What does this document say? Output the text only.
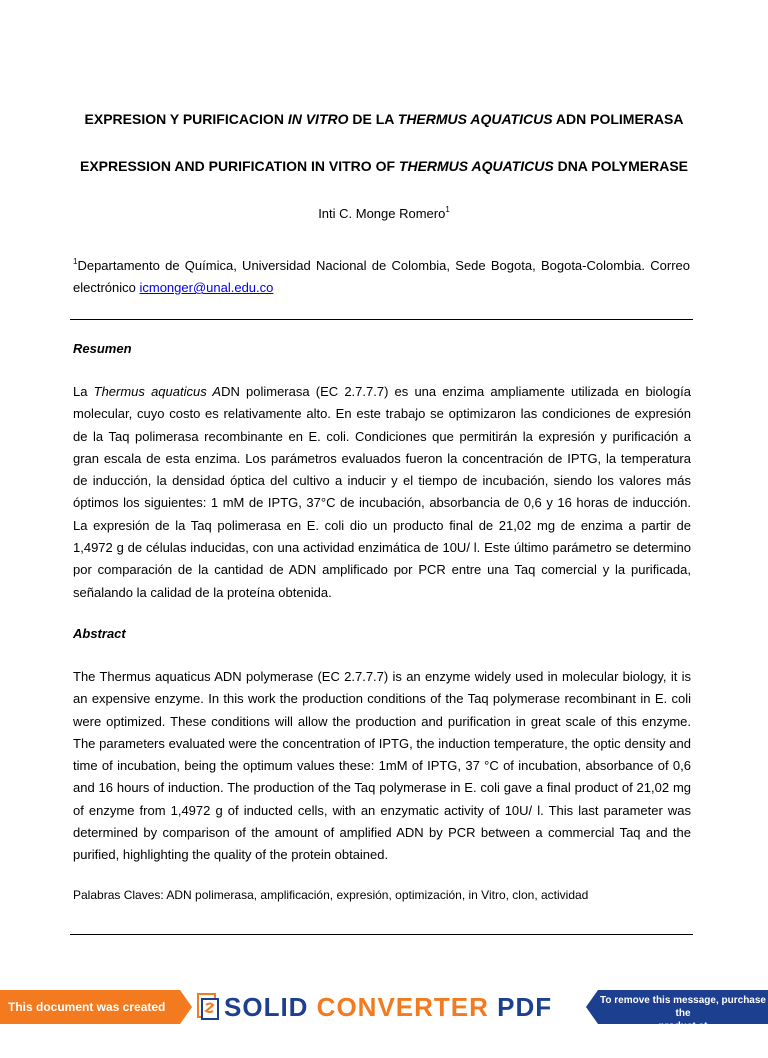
EXPRESION Y PURIFICACION IN VITRO DE LA THERMUS AQUATICUS ADN POLIMERASA
EXPRESSION AND PURIFICATION IN VITRO OF THERMUS AQUATICUS DNA POLYMERASE
Inti C. Monge Romero$^1$
$^1$Departamento de Química, Universidad Nacional de Colombia, Sede Bogota, Bogota-Colombia. Correo electrónico icmonger@unal.edu.co
Resumen
La Thermus aquaticus ADN polimerasa (EC 2.7.7.7) es una enzima ampliamente utilizada en biología molecular, cuyo costo es relativamente alto. En este trabajo se optimizaron las condiciones de expresión de la Taq polimerasa recombinante en E. coli. Condiciones que permitirán la expresión y purificación a gran escala de esta enzima. Los parámetros evaluados fueron la concentración de IPTG, la temperatura de inducción, la densidad óptica del cultivo a inducir y el tiempo de incubación, siendo los valores más óptimos los siguientes: 1 mM de IPTG, 37°C de incubación, absorbancia de 0,6 y 16 horas de inducción. La expresión de la Taq polimerasa en E. coli dio un producto final de 21,02 mg de enzima a partir de 1,4972 g de células inducidas, con una actividad enzimática de 10U/ l. Este último parámetro se determino por comparación de la cantidad de ADN amplificado por PCR entre una Taq comercial y la purificada, señalando la calidad de la proteína obtenida.
Abstract
The Thermus aquaticus ADN polymerase (EC 2.7.7.7) is an enzyme widely used in molecular biology, it is an expensive enzyme. In this work the production conditions of the Taq polymerase recombinant in E. coli were optimized. These conditions will allow the production and purification in great scale of this enzyme. The parameters evaluated were the concentration of IPTG, the induction temperature, the optic density and time of incubation, being the optimum values these: 1mM of IPTG, 37 °C of incubation, absorbance of 0,6 and 16 hours of induction. The production of the Taq polymerase in E. coli gave a final product of 21,02 mg of enzyme from 1,4972 g of inducted cells, with an enzymatic activity of 10U/ l. This last parameter was determined by comparison of the amount of amplified ADN by PCR between a commercial Taq and the purified, highlighting the quality of the protein obtained.
Palabras Claves: ADN polimerasa, amplificación, expresión, optimización, in Vitro, clon, actividad
This document was created using
SOLID CONVERTER PDF	To remove this message, purchase the
product at www.SolidDocuments.com
